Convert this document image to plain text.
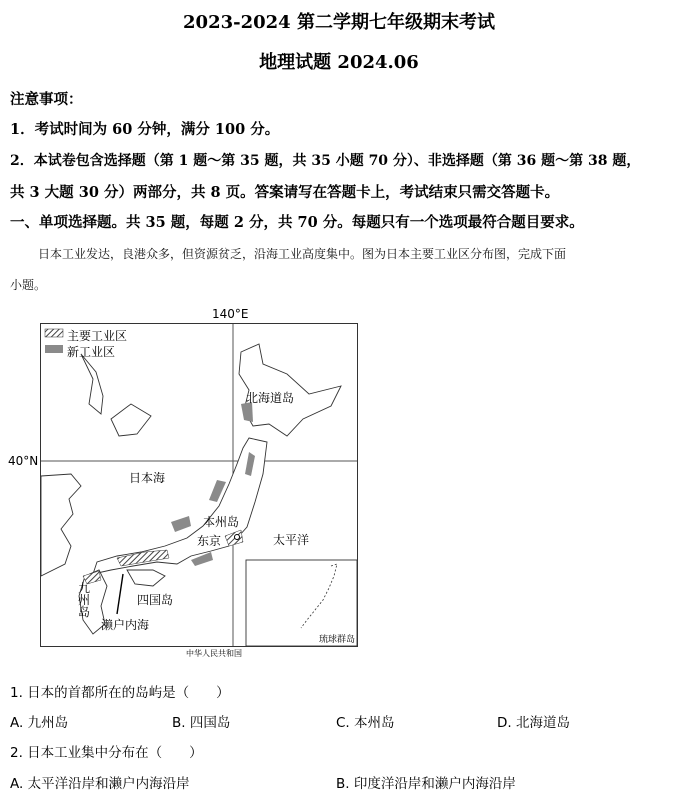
2023-2024 第二学期七年级期末考试
地理试题 2024.06
注意事项：
1．考试时间为 60 分钟，满分 100 分。
2．本试卷包含选择题（第 1 题～第 35 题，共 35 小题 70 分）、非选择题（第 36 题～第 38 题，
共 3 大题 30 分）两部分，共 8 页。答案请写在答题卡上，考试结束只需交答题卡。
一、单项选择题。共 35 题，每题 2 分，共 70 分。每题只有一个选项最符合题目要求。
日本工业发达，良港众多，但资源贫乏，沿海工业高度集中。图为日本主要工业区分布图，完成下面
小题。
140°E
40°N
主要工业区
新工业区
北海道岛
日本海
本州岛
东京	太平洋
四国岛
九州岛
濑户内海
琉球群岛
中华人民共和国
1. 日本的首都所在的岛屿是（　　）
A. 九州岛	B. 四国岛	C. 本州岛	D. 北海道岛
2. 日本工业集中分布在（　　）
A. 太平洋沿岸和濑户内海沿岸	B. 印度洋沿岸和濑户内海沿岸
